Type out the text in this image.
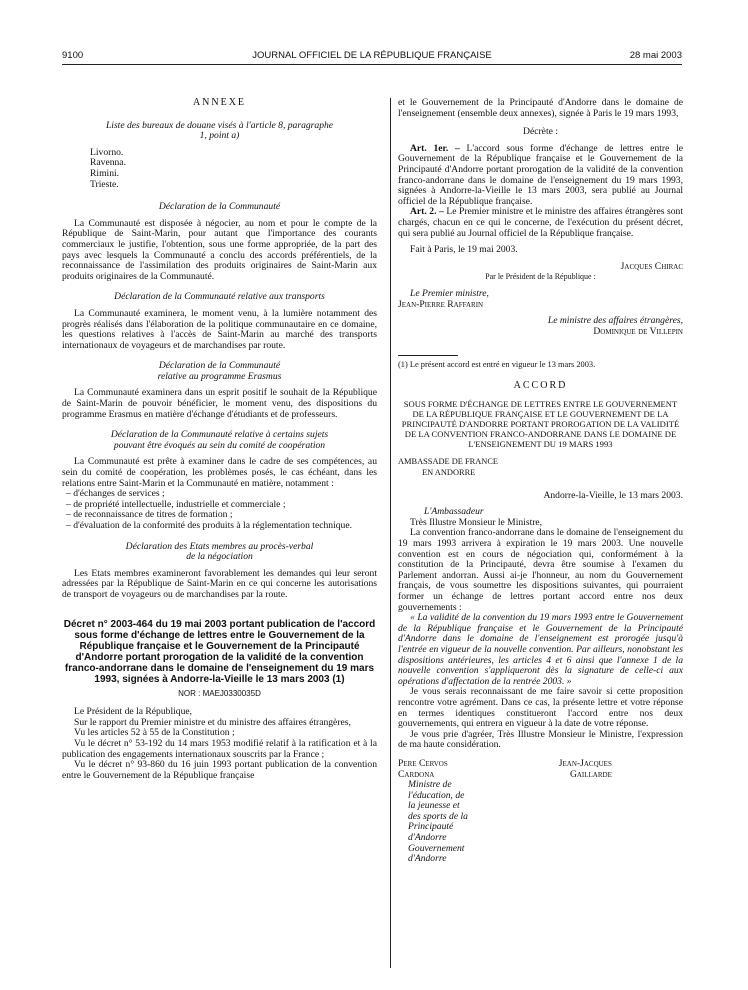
9100	JOURNAL OFFICIEL DE LA RÉPUBLIQUE FRANÇAISE	28 mai 2003

ANNEXE

Liste des bureaux de douane visés à l'article 8, paragraphe 1, point a)

Livorno.
Ravenna.
Rimini.
Trieste.

Déclaration de la Communauté

La Communauté est disposée à négocier, au nom et pour le compte de la République de Saint-Marin, pour autant que l'importance des courants commerciaux le justifie, l'obtention, sous une forme appropriée, de la part des pays avec lesquels la Communauté a conclu des accords préférentiels, de la reconnaissance de l'assimilation des produits originaires de Saint-Marin aux produits originaires de la Communauté.

Déclaration de la Communauté relative aux transports

La Communauté examinera, le moment venu, à la lumière notamment des progrès réalisés dans l'élaboration de la politique communautaire en ce domaine, les questions relatives à l'accès de Saint-Marin au marché des transports internationaux de voyageurs et de marchandises par route.

Déclaration de la Communauté

relative au programme Erasmus

La Communauté examinera dans un esprit positif le souhait de la République de Saint-Marin de pouvoir bénéficier, le moment venu, des dispositions du programme Erasmus en matière d'échange d'étudiants et de professeurs.

Déclaration de la Communauté relative à certains sujets

pouvant être évoqués au sein du comité de coopération

La Communauté est prête à examiner dans le cadre de ses compétences, au sein du comité de coopération, les problèmes posés, le cas échéant, dans les relations entre Saint-Marin et la Communauté en matière, notamment :

– d'échanges de services ;
– de propriété intellectuelle, industrielle et commerciale ;
– de reconnaissance de titres de formation ;
– d'évaluation de la conformité des produits à la réglementation technique.

Déclaration des Etats membres au procès-verbal

de la négociation

Les Etats membres examineront favorablement les demandes qui leur seront adressées par la République de Saint-Marin en ce qui concerne les autorisations de transport de voyageurs ou de marchandises par la route.

Décret n° 2003-464 du 19 mai 2003 portant publication de l'accord sous forme d'échange de lettres entre le Gouvernement de la République française et le Gouvernement de la Principauté d'Andorre portant prorogation de la validité de la convention franco-andorrane dans le domaine de l'enseignement du 19 mars 1993, signées à Andorre-la-Vieille le 13 mars 2003 (1)

NOR : MAEJ0330035D

Le Président de la République,

Sur le rapport du Premier ministre et du ministre des affaires étrangères,

Vu les articles 52 à 55 de la Constitution ;

Vu le décret n° 53-192 du 14 mars 1953 modifié relatif à la ratification et à la publication des engagements internationaux souscrits par la France ;

Vu le décret n° 93-860 du 16 juin 1993 portant publication de la convention entre le Gouvernement de la République française

et le Gouvernement de la Principauté d'Andorre dans le domaine de l'enseignement (ensemble deux annexes), signée à Paris le 19 mars 1993,

Décrète :

Art. 1er. – L'accord sous forme d'échange de lettres entre le Gouvernement de la République française et le Gouvernement de la Principauté d'Andorre portant prorogation de la validité de la convention franco-andorrane dans le domaine de l'enseignement du 19 mars 1993, signées à Andorre-la-Vieille le 13 mars 2003, sera publié au Journal officiel de la République française.

Art. 2. – Le Premier ministre et le ministre des affaires étrangères sont chargés, chacun en ce qui le concerne, de l'exécution du présent décret, qui sera publié au Journal officiel de la République française.

Fait à Paris, le 19 mai 2003.

Jacques Chirac

Par le Président de la République :

Le Premier ministre,

Jean-Pierre Raffarin

Le ministre des affaires étrangères,

Dominique de Villepin

(1) Le présent accord est entré en vigueur le 13 mars 2003.

ACCORD

SOUS FORME D'ÉCHANGE DE LETTRES ENTRE LE GOUVERNEMENT DE LA RÉPUBLIQUE FRANÇAISE ET LE GOUVERNEMENT DE LA PRINCIPAUTÉ D'ANDORRE PORTANT PROROGATION DE LA VALIDITÉ DE LA CONVENTION FRANCO-ANDORRANE DANS LE DOMAINE DE L'ENSEIGNEMENT DU 19 MARS 1993

AMBASSADE DE FRANCE

EN ANDORRE

Andorre-la-Vieille, le 13 mars 2003.

L'Ambassadeur

Très Illustre Monsieur le Ministre,

La convention franco-andorrane dans le domaine de l'enseignement du 19 mars 1993 arrivera à expiration le 19 mars 2003. Une nouvelle convention est en cours de négociation qui, conformément à la constitution de la Principauté, devra être soumise à l'examen du Parlement andorran. Aussi ai-je l'honneur, au nom du Gouvernement français, de vous soumettre les dispositions suivantes, qui pourraient former un échange de lettres portant accord entre nos deux gouvernements :

« La validité de la convention du 19 mars 1993 entre le Gouvernement de la République française et le Gouvernement de la Principauté d'Andorre dans le domaine de l'enseignement est prorogée jusqu'à l'entrée en vigueur de la nouvelle convention. Par ailleurs, nonobstant les dispositions antérieures, les articles 4 et 6 ainsi que l'annexe 1 de la nouvelle convention s'appliqueront dès la signature de celle-ci aux opérations d'affectation de la rentrée 2003. »

Je vous serais reconnaissant de me faire savoir si cette proposition rencontre votre agrément. Dans ce cas, la présente lettre et votre réponse en termes identiques constitueront l'accord entre nos deux gouvernements, qui entrera en vigueur à la date de votre réponse.

Je vous prie d'agréer, Très Illustre Monsieur le Ministre, l'expression de ma haute considération.

Pere Cervos Cardona
Ministre de l'éducation, de la jeunesse et des sports de la Principauté d'Andorre Gouvernement d'Andorre
Jean-Jacques Gaillarde
